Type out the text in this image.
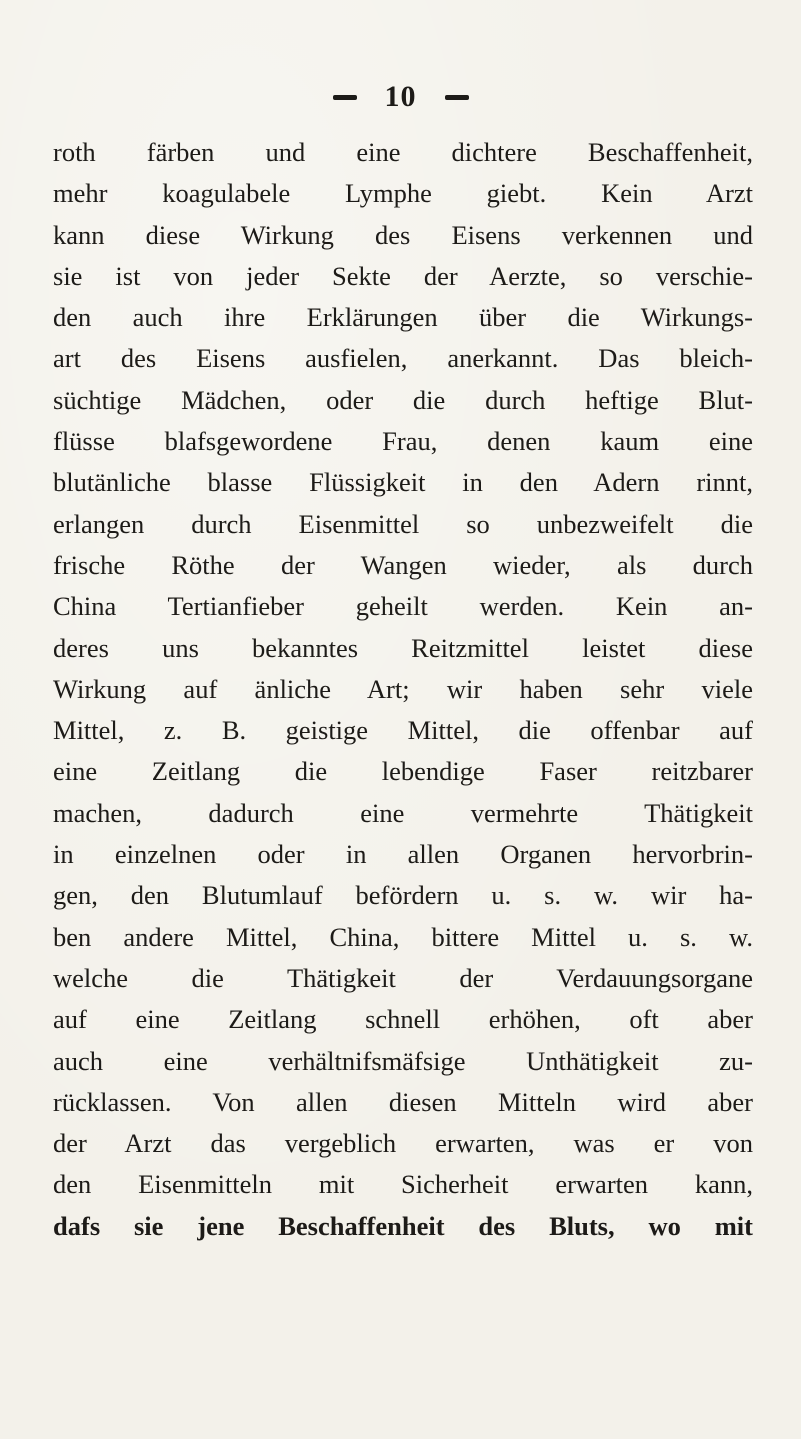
10
roth färben und eine dichtere Beschaffenheit,
mehr koagulabele Lymphe giebt. Kein Arzt
kann diese Wirkung des Eisens verkennen und
sie ist von jeder Sekte der Aerzte, so verschie-
den auch ihre Erklärungen über die Wirkungs-
art des Eisens ausfielen, anerkannt. Das bleich-
süchtige Mädchen, oder die durch heftige Blut-
flüsse blafsgewordene Frau, denen kaum eine
blutänliche blasse Flüssigkeit in den Adern rinnt,
erlangen durch Eisenmittel so unbezweifelt die
frische Röthe der Wangen wieder, als durch
China Tertianfieber geheilt werden. Kein an-
deres uns bekanntes Reitzmittel leistet diese
Wirkung auf änliche Art; wir haben sehr viele
Mittel, z. B. geistige Mittel, die offenbar auf
eine Zeitlang die lebendige Faser reitzbarer
machen, dadurch eine vermehrte Thätigkeit
in einzelnen oder in allen Organen hervorbrin-
gen, den Blutumlauf befördern u. s. w. wir ha-
ben andere Mittel, China, bittere Mittel u. s. w.
welche die Thätigkeit der Verdauungsorgane
auf eine Zeitlang schnell erhöhen, oft aber
auch eine verhältnifsmäfsige Unthätigkeit zu-
rücklassen. Von allen diesen Mitteln wird aber
der Arzt das vergeblich erwarten, was er von
den Eisenmitteln mit Sicherheit erwarten kann,
dafs sie jene Beschaffenheit des Bluts, wo mit
